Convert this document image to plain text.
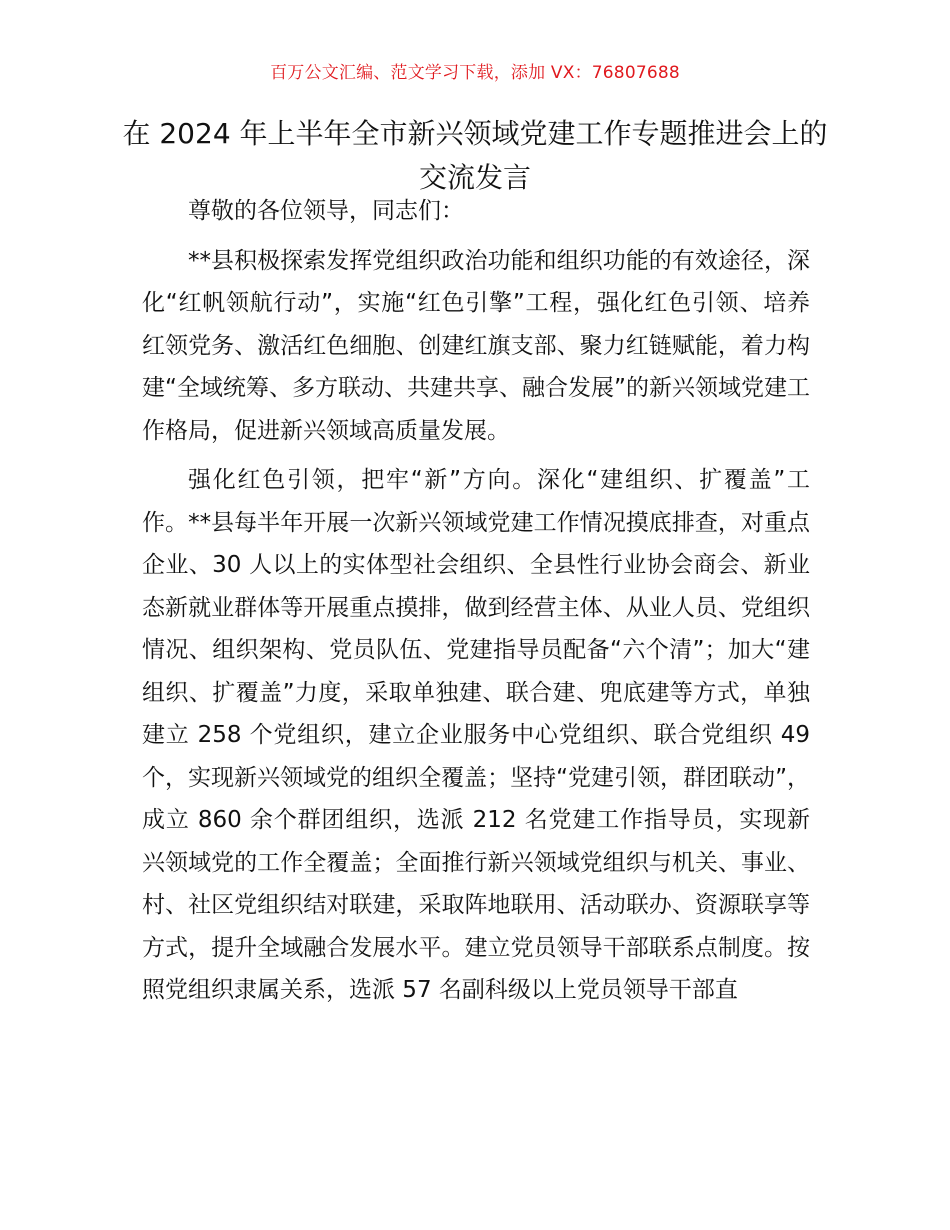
百万公文汇编、范文学习下载，添加 VX：76807688
在 2024 年上半年全市新兴领域党建工作专题推进会上的交流发言

尊敬的各位领导，同志们：

**县积极探索发挥党组织政治功能和组织功能的有效途径，深化“红帆领航行动”，实施“红色引擎”工程，强化红色引领、培养红领党务、激活红色细胞、创建红旗支部、聚力红链赋能，着力构建“全域统筹、多方联动、共建共享、融合发展”的新兴领域党建工作格局，促进新兴领域高质量发展。

强化红色引领，把牢“新”方向。深化“建组织、扩覆盖”工作。**县每半年开展一次新兴领域党建工作情况摸底排查，对重点企业、30 人以上的实体型社会组织、全县性行业协会商会、新业态新就业群体等开展重点摸排，做到经营主体、从业人员、党组织情况、组织架构、党员队伍、党建指导员配备“六个清”；加大“建组织、扩覆盖”力度，采取单独建、联合建、兜底建等方式，单独建立 258 个党组织，建立企业服务中心党组织、联合党组织 49 个，实现新兴领域党的组织全覆盖；坚持“党建引领，群团联动”，成立 860 余个群团组织，选派 212 名党建工作指导员，实现新兴领域党的工作全覆盖；全面推行新兴领域党组织与机关、事业、村、社区党组织结对联建，采取阵地联用、活动联办、资源联享等方式，提升全域融合发展水平。建立党员领导干部联系点制度。按照党组织隶属关系，选派 57 名副科级以上党员领导干部直
